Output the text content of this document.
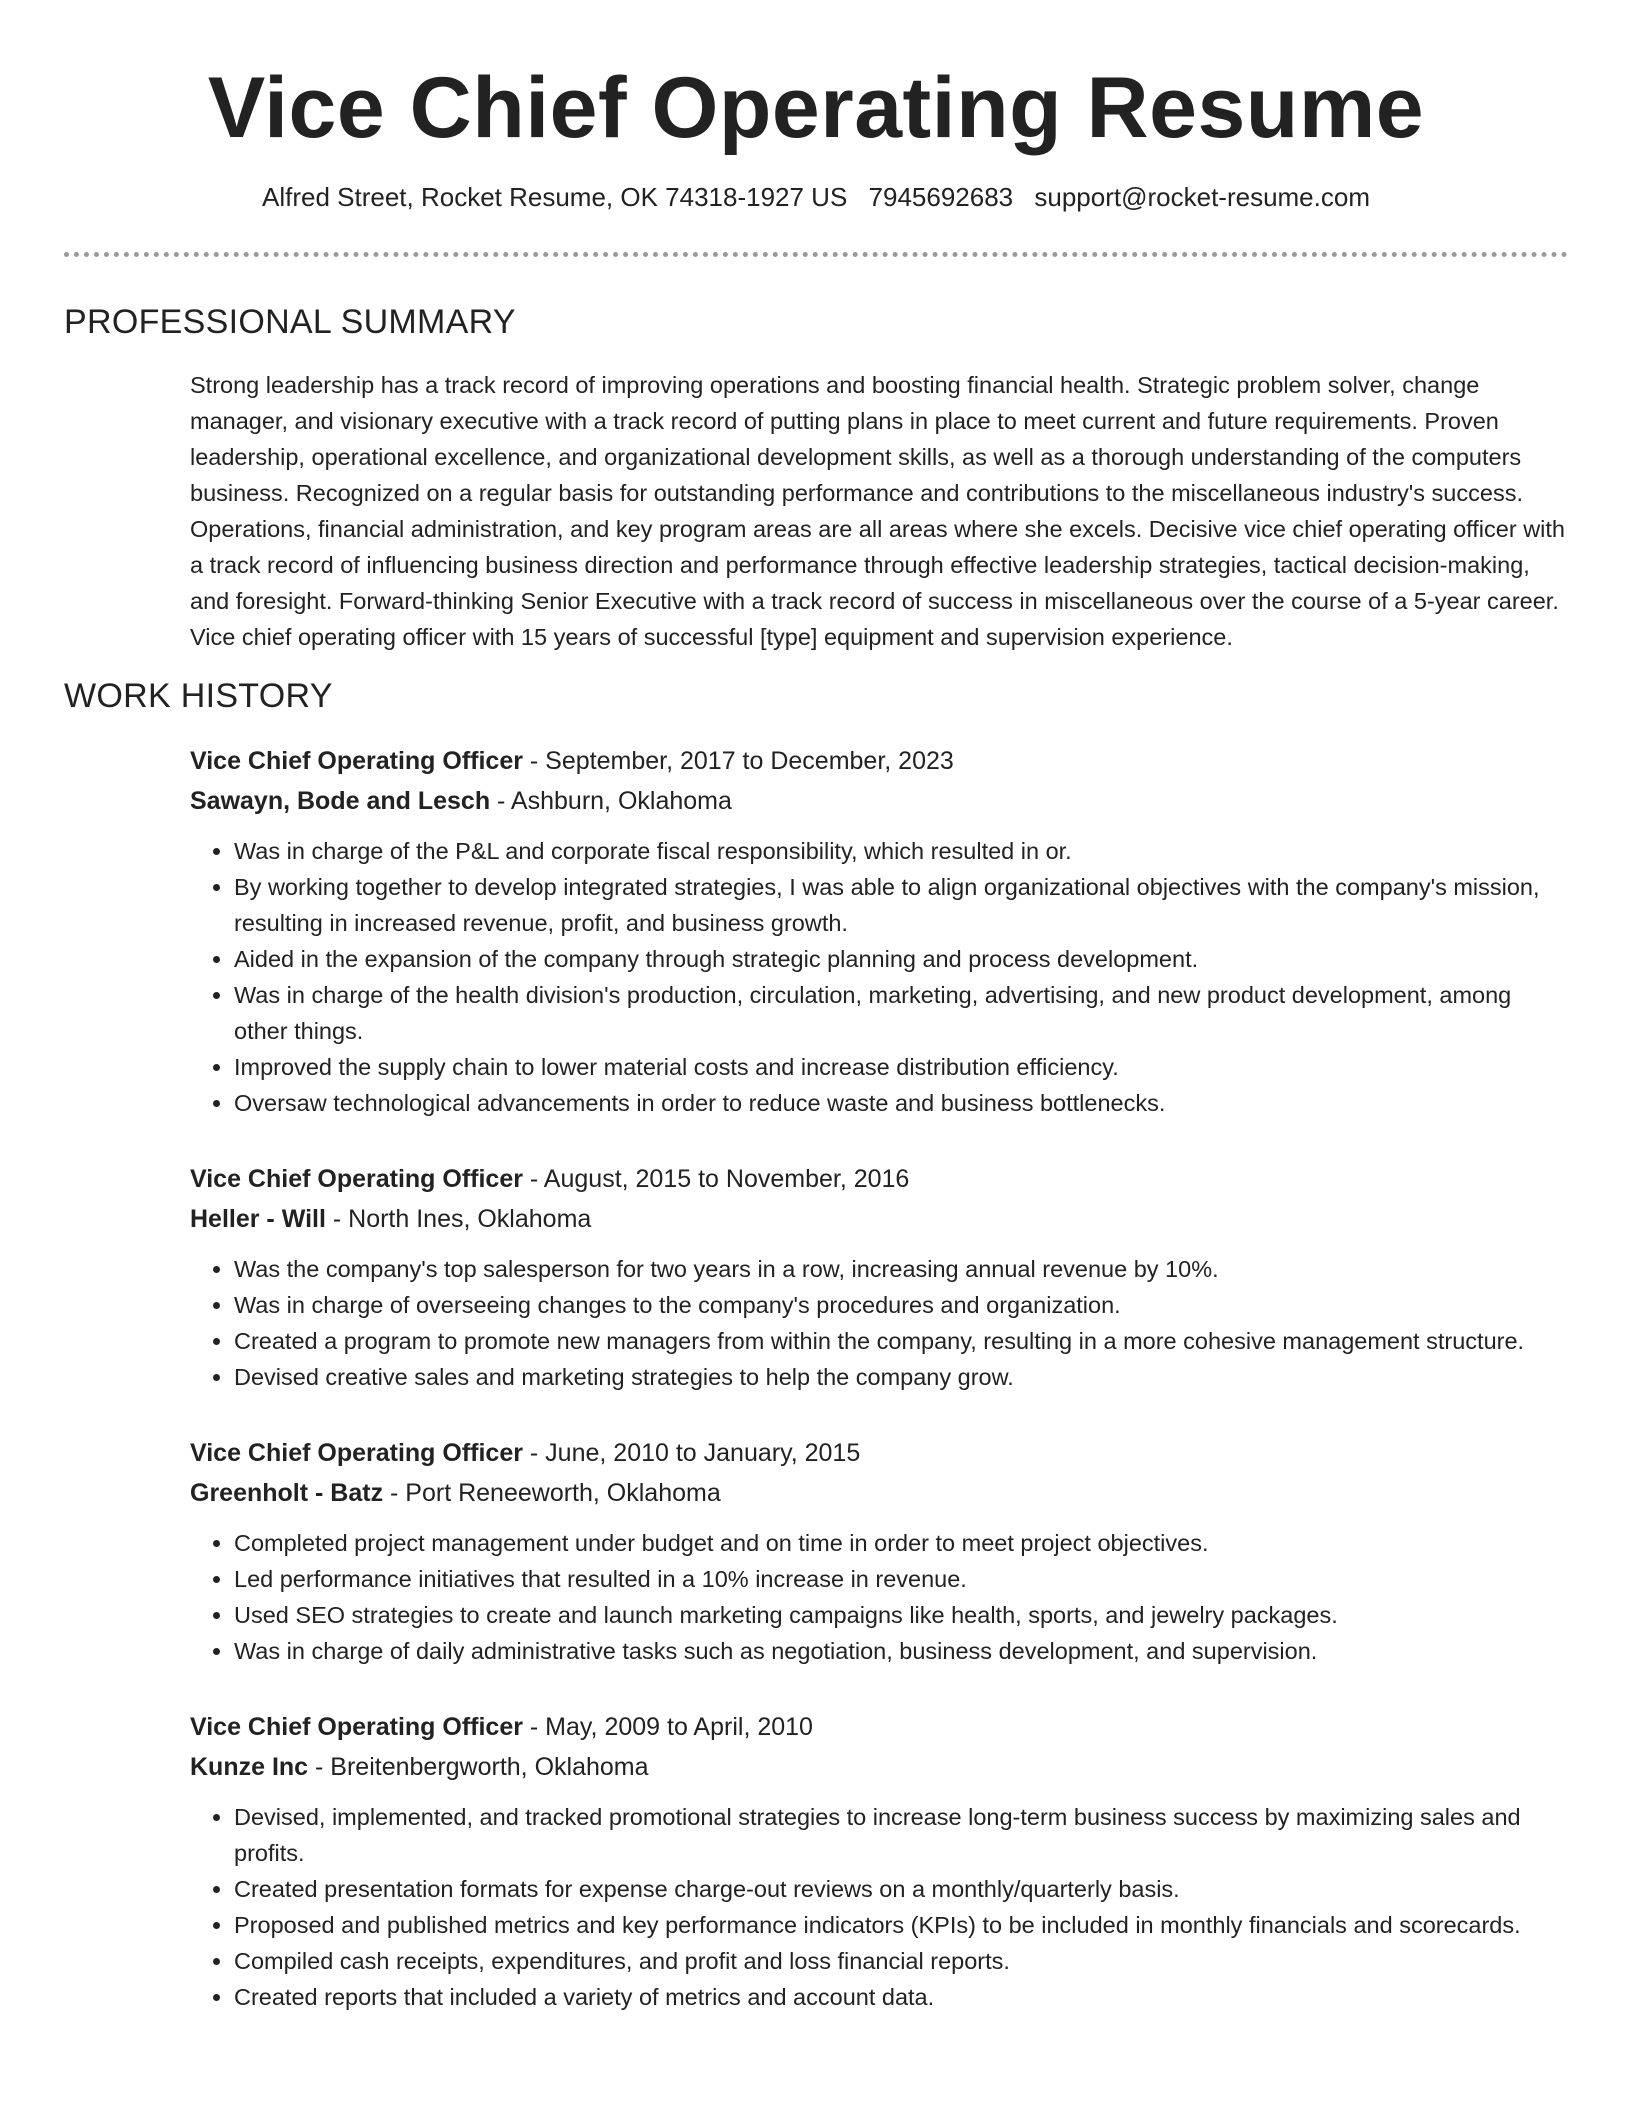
Vice Chief Operating Resume
Alfred Street, Rocket Resume, OK 74318-1927 US 7945692683 support@rocket-resume.com
PROFESSIONAL SUMMARY

Strong leadership has a track record of improving operations and boosting financial health. Strategic problem solver, change manager, and visionary executive with a track record of putting plans in place to meet current and future requirements. Proven leadership, operational excellence, and organizational development skills, as well as a thorough understanding of the computers business. Recognized on a regular basis for outstanding performance and contributions to the miscellaneous industry's success. Operations, financial administration, and key program areas are all areas where she excels. Decisive vice chief operating officer with a track record of influencing business direction and performance through effective leadership strategies, tactical decision-making, and foresight. Forward-thinking Senior Executive with a track record of success in miscellaneous over the course of a 5-year career. Vice chief operating officer with 15 years of successful [type] equipment and supervision experience.

WORK HISTORY
Vice Chief Operating Officer - September, 2017 to December, 2023
Sawayn, Bode and Lesch - Ashburn, Oklahoma
• Was in charge of the P&L and corporate fiscal responsibility, which resulted in or.
• By working together to develop integrated strategies, I was able to align organizational objectives with the company's mission, resulting in increased revenue, profit, and business growth.
• Aided in the expansion of the company through strategic planning and process development.
• Was in charge of the health division's production, circulation, marketing, advertising, and new product development, among other things.
• Improved the supply chain to lower material costs and increase distribution efficiency.
• Oversaw technological advancements in order to reduce waste and business bottlenecks.
Vice Chief Operating Officer - August, 2015 to November, 2016
Heller - Will - North Ines, Oklahoma
• Was the company's top salesperson for two years in a row, increasing annual revenue by 10%.
• Was in charge of overseeing changes to the company's procedures and organization.
• Created a program to promote new managers from within the company, resulting in a more cohesive management structure.
• Devised creative sales and marketing strategies to help the company grow.
Vice Chief Operating Officer - June, 2010 to January, 2015
Greenholt - Batz - Port Reneeworth, Oklahoma
• Completed project management under budget and on time in order to meet project objectives.
• Led performance initiatives that resulted in a 10% increase in revenue.
• Used SEO strategies to create and launch marketing campaigns like health, sports, and jewelry packages.
• Was in charge of daily administrative tasks such as negotiation, business development, and supervision.
Vice Chief Operating Officer - May, 2009 to April, 2010
Kunze Inc - Breitenbergworth, Oklahoma
• Devised, implemented, and tracked promotional strategies to increase long-term business success by maximizing sales and profits.
• Created presentation formats for expense charge-out reviews on a monthly/quarterly basis.
• Proposed and published metrics and key performance indicators (KPIs) to be included in monthly financials and scorecards.
• Compiled cash receipts, expenditures, and profit and loss financial reports.
• Created reports that included a variety of metrics and account data.
